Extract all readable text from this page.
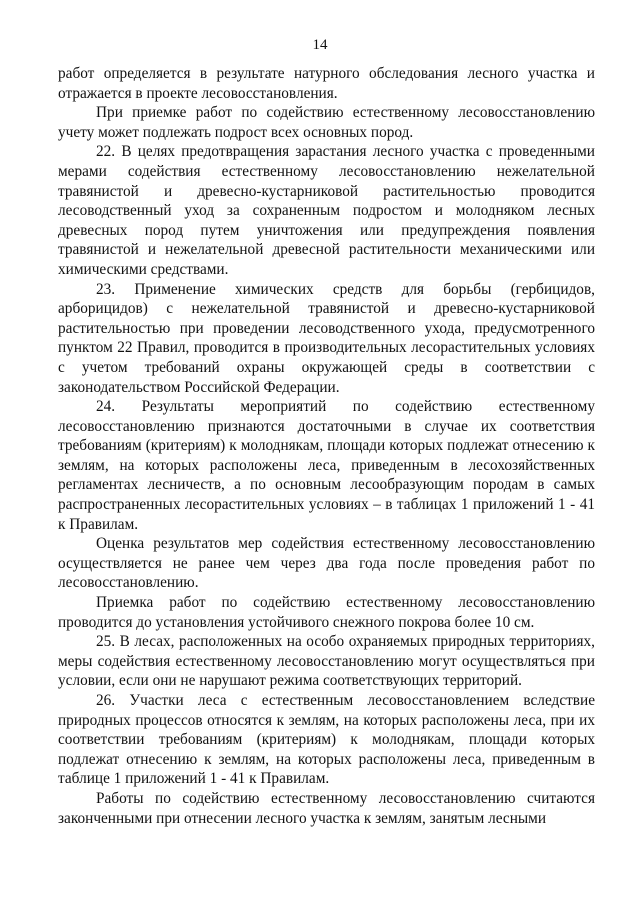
14

работ определяется в результате натурного обследования лесного участка и отражается в проекте лесовосстановления.

При приемке работ по содействию естественному лесовосстановлению учету может подлежать подрост всех основных пород.

22. В целях предотвращения зарастания лесного участка с проведенными мерами содействия естественному лесовосстановлению нежелательной травянистой и древесно-кустарниковой растительностью проводится лесоводственный уход за сохраненным подростом и молодняком лесных древесных пород путем уничтожения или предупреждения появления травянистой и нежелательной древесной растительности механическими или химическими средствами.

23. Применение химических средств для борьбы (гербицидов, арборицидов) с нежелательной травянистой и древесно-кустарниковой растительностью при проведении лесоводственного ухода, предусмотренного пунктом 22 Правил, проводится в производительных лесорастительных условиях с учетом требований охраны окружающей среды в соответствии с законодательством Российской Федерации.

24. Результаты мероприятий по содействию естественному лесовосстановлению признаются достаточными в случае их соответствия требованиям (критериям) к молоднякам, площади которых подлежат отнесению к землям, на которых расположены леса, приведенным в лесохозяйственных регламентах лесничеств, а по основным лесообразующим породам в самых распространенных лесорастительных условиях – в таблицах 1 приложений 1 - 41 к Правилам.

Оценка результатов мер содействия естественному лесовосстановлению осуществляется не ранее чем через два года после проведения работ по лесовосстановлению.

Приемка работ по содействию естественному лесовосстановлению проводится до установления устойчивого снежного покрова более 10 см.

25. В лесах, расположенных на особо охраняемых природных территориях, меры содействия естественному лесовосстановлению могут осуществляться при условии, если они не нарушают режима соответствующих территорий.

26. Участки леса с естественным лесовосстановлением вследствие природных процессов относятся к землям, на которых расположены леса, при их соответствии требованиям (критериям) к молоднякам, площади которых подлежат отнесению к землям, на которых расположены леса, приведенным в таблице 1 приложений 1 - 41 к Правилам.

Работы по содействию естественному лесовосстановлению считаются законченными при отнесении лесного участка к землям, занятым лесными
